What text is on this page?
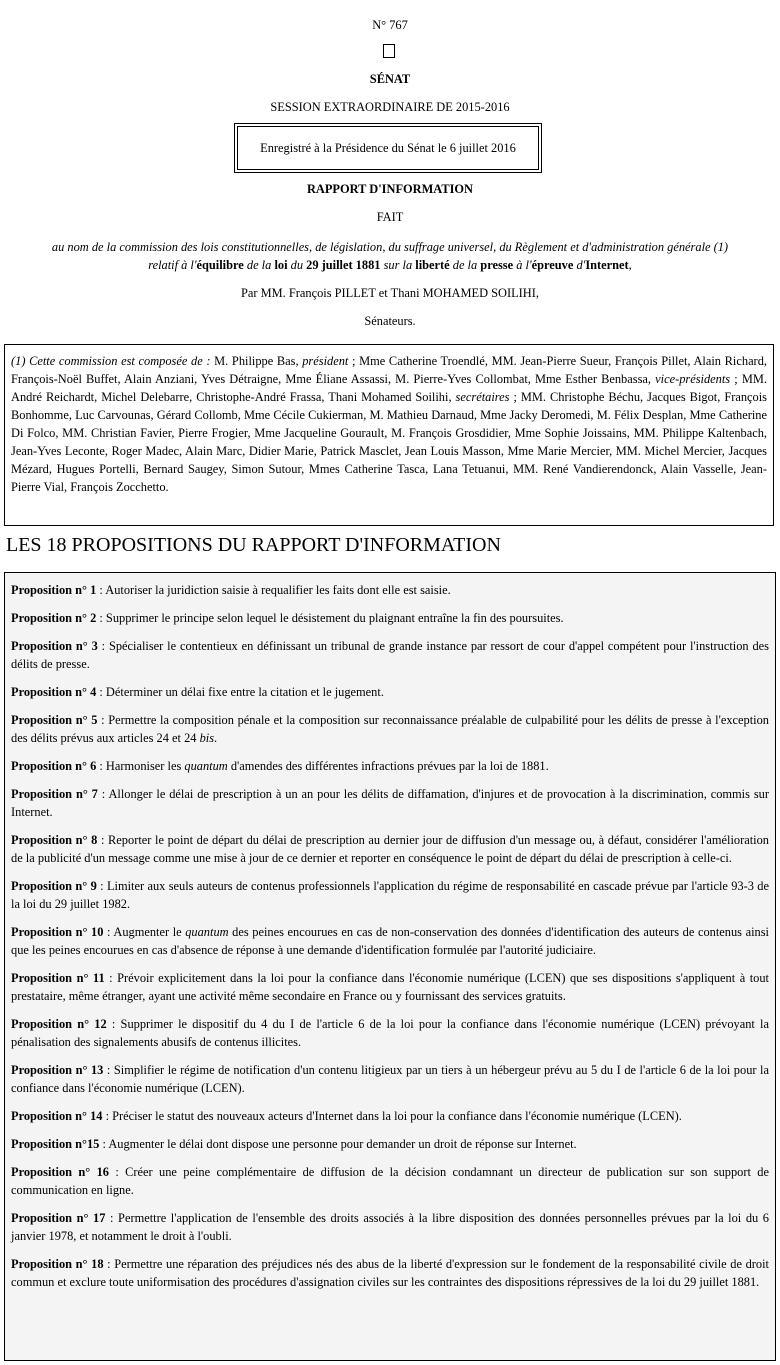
N° 767
SÉNAT
SESSION EXTRAORDINAIRE DE 2015-2016
Enregistré à la Présidence du Sénat le 6 juillet 2016
RAPPORT D'INFORMATION
FAIT
au nom de la commission des lois constitutionnelles, de législation, du suffrage universel, du Règlement et d'administration générale (1)
relatif à l'équilibre de la loi du 29 juillet 1881 sur la liberté de la presse à l'épreuve d'Internet,
Par MM. François PILLET et Thani MOHAMED SOILIHI,
Sénateurs.
(1) Cette commission est composée de : M. Philippe Bas, président ; Mme Catherine Troendlé, MM. Jean-Pierre Sueur, François Pillet, Alain Richard, François-Noël Buffet, Alain Anziani, Yves Détraigne, Mme Éliane Assassi, M. Pierre-Yves Collombat, Mme Esther Benbassa, vice-présidents ; MM. André Reichardt, Michel Delebarre, Christophe-André Frassa, Thani Mohamed Soilihi, secrétaires ; MM. Christophe Béchu, Jacques Bigot, François Bonhomme, Luc Carvounas, Gérard Collomb, Mme Cécile Cukierman, M. Mathieu Darnaud, Mme Jacky Deromedi, M. Félix Desplan, Mme Catherine Di Folco, MM. Christian Favier, Pierre Frogier, Mme Jacqueline Gourault, M. François Grosdidier, Mme Sophie Joissains, MM. Philippe Kaltenbach, Jean-Yves Leconte, Roger Madec, Alain Marc, Didier Marie, Patrick Masclet, Jean Louis Masson, Mme Marie Mercier, MM. Michel Mercier, Jacques Mézard, Hugues Portelli, Bernard Saugey, Simon Sutour, Mmes Catherine Tasca, Lana Tetuanui, MM. René Vandierendonck, Alain Vasselle, Jean-Pierre Vial, François Zocchetto.
LES 18 PROPOSITIONS DU RAPPORT D'INFORMATION

Proposition n° 1 : Autoriser la juridiction saisie à requalifier les faits dont elle est saisie.

Proposition n° 2 : Supprimer le principe selon lequel le désistement du plaignant entraîne la fin des poursuites.

Proposition n° 3 : Spécialiser le contentieux en définissant un tribunal de grande instance par ressort de cour d'appel compétent pour l'instruction des délits de presse.

Proposition n° 4 : Déterminer un délai fixe entre la citation et le jugement.

Proposition n° 5 : Permettre la composition pénale et la composition sur reconnaissance préalable de culpabilité pour les délits de presse à l'exception des délits prévus aux articles 24 et 24 bis.

Proposition n° 6 : Harmoniser les quantum d'amendes des différentes infractions prévues par la loi de 1881.

Proposition n° 7 : Allonger le délai de prescription à un an pour les délits de diffamation, d'injures et de provocation à la discrimination, commis sur Internet.

Proposition n° 8 : Reporter le point de départ du délai de prescription au dernier jour de diffusion d'un message ou, à défaut, considérer l'amélioration de la publicité d'un message comme une mise à jour de ce dernier et reporter en conséquence le point de départ du délai de prescription à celle-ci.

Proposition n° 9 : Limiter aux seuls auteurs de contenus professionnels l'application du régime de responsabilité en cascade prévue par l'article 93-3 de la loi du 29 juillet 1982.

Proposition n° 10 : Augmenter le quantum des peines encourues en cas de non-conservation des données d'identification des auteurs de contenus ainsi que les peines encourues en cas d'absence de réponse à une demande d'identification formulée par l'autorité judiciaire.

Proposition n° 11 : Prévoir explicitement dans la loi pour la confiance dans l'économie numérique (LCEN) que ses dispositions s'appliquent à tout prestataire, même étranger, ayant une activité même secondaire en France ou y fournissant des services gratuits.

Proposition n° 12 : Supprimer le dispositif du 4 du I de l'article 6 de la loi pour la confiance dans l'économie numérique (LCEN) prévoyant la pénalisation des signalements abusifs de contenus illicites.

Proposition n° 13 : Simplifier le régime de notification d'un contenu litigieux par un tiers à un hébergeur prévu au 5 du I de l'article 6 de la loi pour la confiance dans l'économie numérique (LCEN).

Proposition n° 14 : Préciser le statut des nouveaux acteurs d'Internet dans la loi pour la confiance dans l'économie numérique (LCEN).

Proposition n°15 : Augmenter le délai dont dispose une personne pour demander un droit de réponse sur Internet.

Proposition n° 16 : Créer une peine complémentaire de diffusion de la décision condamnant un directeur de publication sur son support de communication en ligne.

Proposition n° 17 : Permettre l'application de l'ensemble des droits associés à la libre disposition des données personnelles prévues par la loi du 6 janvier 1978, et notamment le droit à l'oubli.

Proposition n° 18 : Permettre une réparation des préjudices nés des abus de la liberté d'expression sur le fondement de la responsabilité civile de droit commun et exclure toute uniformisation des procédures d'assignation civiles sur les contraintes des dispositions répressives de la loi du 29 juillet 1881.
